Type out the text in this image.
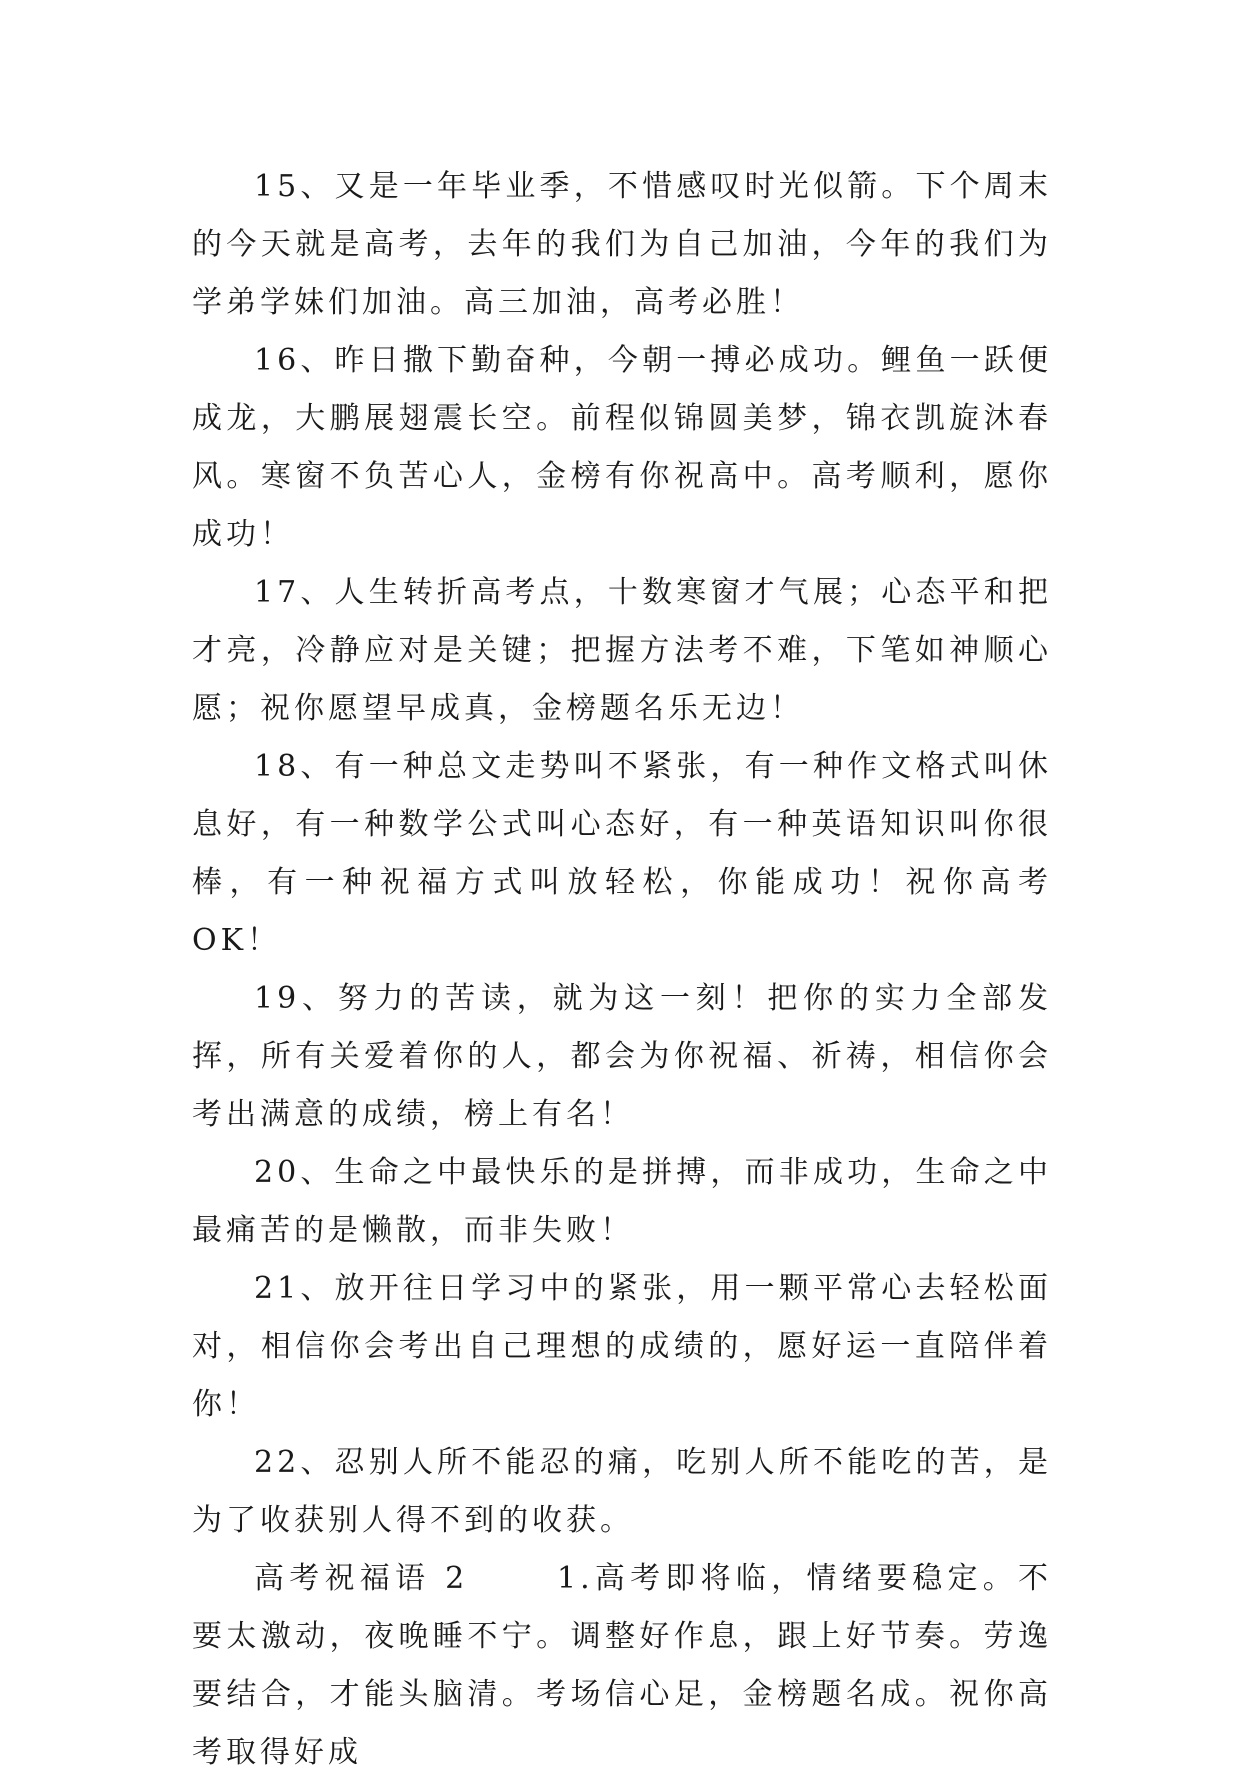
15、又是一年毕业季，不惜感叹时光似箭。下个周末的今天就是高考，去年的我们为自己加油，今年的我们为学弟学妹们加油。高三加油，高考必胜！

16、昨日撒下勤奋种，今朝一搏必成功。鲤鱼一跃便成龙，大鹏展翅震长空。前程似锦圆美梦，锦衣凯旋沐春风。寒窗不负苦心人，金榜有你祝高中。高考顺利，愿你成功！

17、人生转折高考点，十数寒窗才气展；心态平和把才亮，冷静应对是关键；把握方法考不难，下笔如神顺心愿；祝你愿望早成真，金榜题名乐无边！

18、有一种总文走势叫不紧张，有一种作文格式叫休息好，有一种数学公式叫心态好，有一种英语知识叫你很棒，有一种祝福方式叫放轻松，你能成功！祝你高考OK！

19、努力的苦读，就为这一刻！把你的实力全部发挥，所有关爱着你的人，都会为你祝福、祈祷，相信你会考出满意的成绩，榜上有名！

20、生命之中最快乐的是拼搏，而非成功，生命之中最痛苦的是懒散，而非失败！

21、放开往日学习中的紧张，用一颗平常心去轻松面对，相信你会考出自己理想的成绩的，愿好运一直陪伴着你！

22、忍别人所不能忍的痛，吃别人所不能吃的苦，是为了收获别人得不到的收获。

高考祝福语 2	1.高考即将临，情绪要稳定。不要太激动，夜晚睡不宁。调整好作息，跟上好节奏。劳逸要结合，才能头脑清。考场信心足，金榜题名成。祝你高考取得好成
